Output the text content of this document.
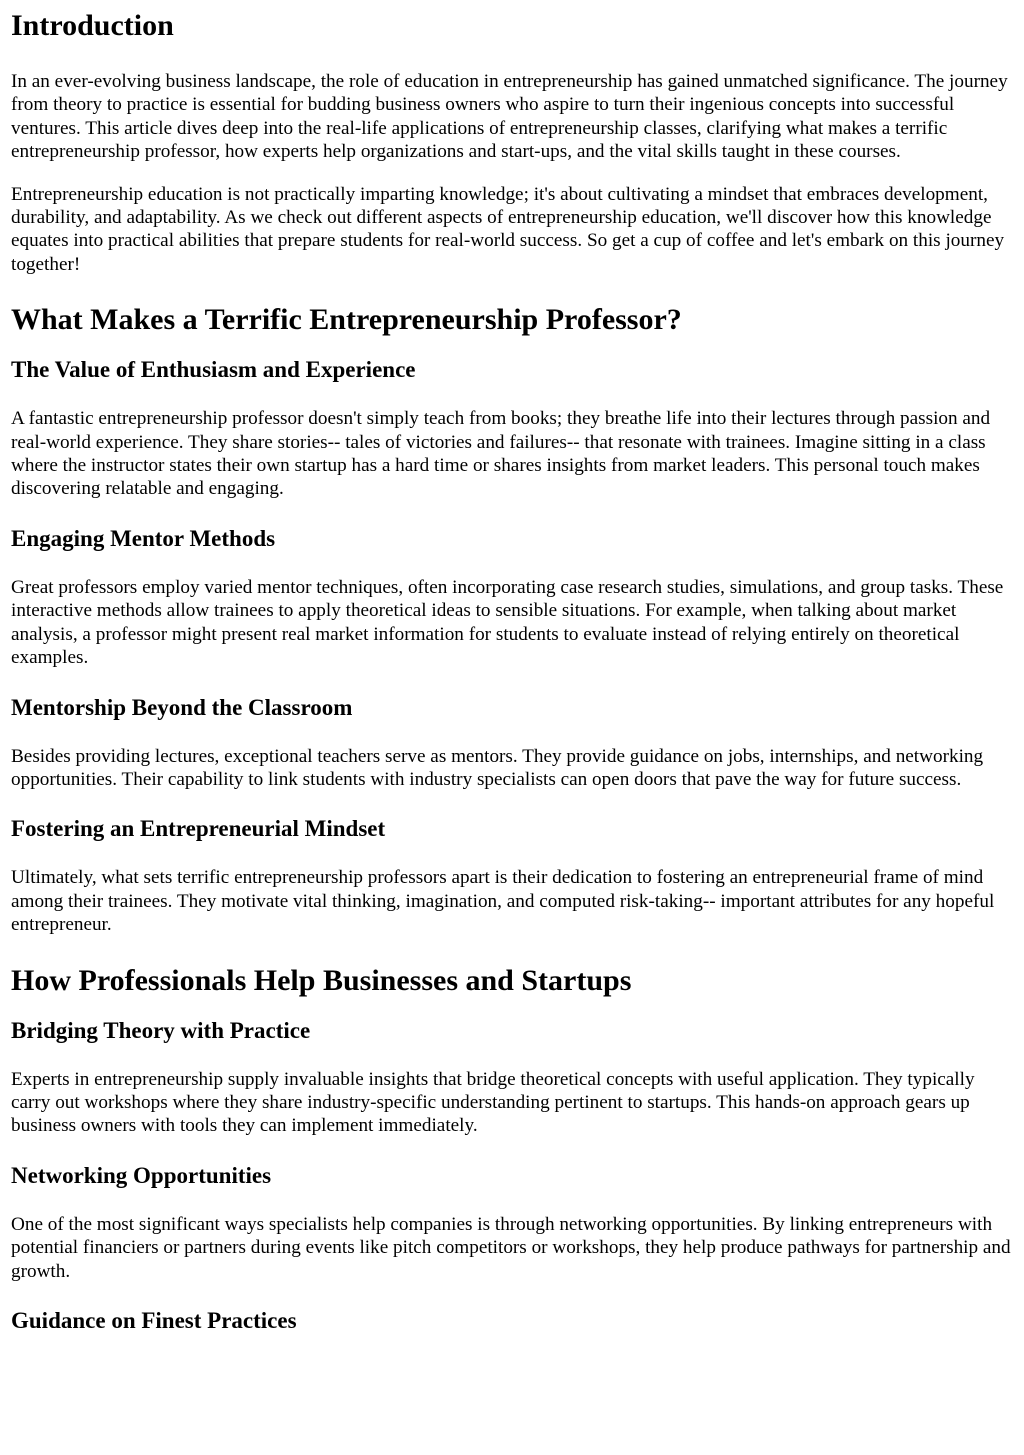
Introduction

In an ever-evolving business landscape, the role of education in entrepreneurship has gained unmatched significance. The journey from theory to practice is essential for budding business owners who aspire to turn their ingenious concepts into successful ventures. This article dives deep into the real-life applications of entrepreneurship classes, clarifying what makes a terrific entrepreneurship professor, how experts help organizations and start-ups, and the vital skills taught in these courses.

Entrepreneurship education is not practically imparting knowledge; it's about cultivating a mindset that embraces development, durability, and adaptability. As we check out different aspects of entrepreneurship education, we'll discover how this knowledge equates into practical abilities that prepare students for real-world success. So get a cup of coffee and let's embark on this journey together!

What Makes a Terrific Entrepreneurship Professor?
The Value of Enthusiasm and Experience

A fantastic entrepreneurship professor doesn't simply teach from books; they breathe life into their lectures through passion and real-world experience. They share stories-- tales of victories and failures-- that resonate with trainees. Imagine sitting in a class where the instructor states their own startup has a hard time or shares insights from market leaders. This personal touch makes discovering relatable and engaging.

Engaging Mentor Methods

Great professors employ varied mentor techniques, often incorporating case research studies, simulations, and group tasks. These interactive methods allow trainees to apply theoretical ideas to sensible situations. For example, when talking about market analysis, a professor might present real market information for students to evaluate instead of relying entirely on theoretical examples.

Mentorship Beyond the Classroom

Besides providing lectures, exceptional teachers serve as mentors. They provide guidance on jobs, internships, and networking opportunities. Their capability to link students with industry specialists can open doors that pave the way for future success.

Fostering an Entrepreneurial Mindset

Ultimately, what sets terrific entrepreneurship professors apart is their dedication to fostering an entrepreneurial frame of mind among their trainees. They motivate vital thinking, imagination, and computed risk-taking-- important attributes for any hopeful entrepreneur.

How Professionals Help Businesses and Startups
Bridging Theory with Practice

Experts in entrepreneurship supply invaluable insights that bridge theoretical concepts with useful application. They typically carry out workshops where they share industry-specific understanding pertinent to startups. This hands-on approach gears up business owners with tools they can implement immediately.

Networking Opportunities

One of the most significant ways specialists help companies is through networking opportunities. By linking entrepreneurs with potential financiers or partners during events like pitch competitors or workshops, they help produce pathways for partnership and growth.

Guidance on Finest Practices
